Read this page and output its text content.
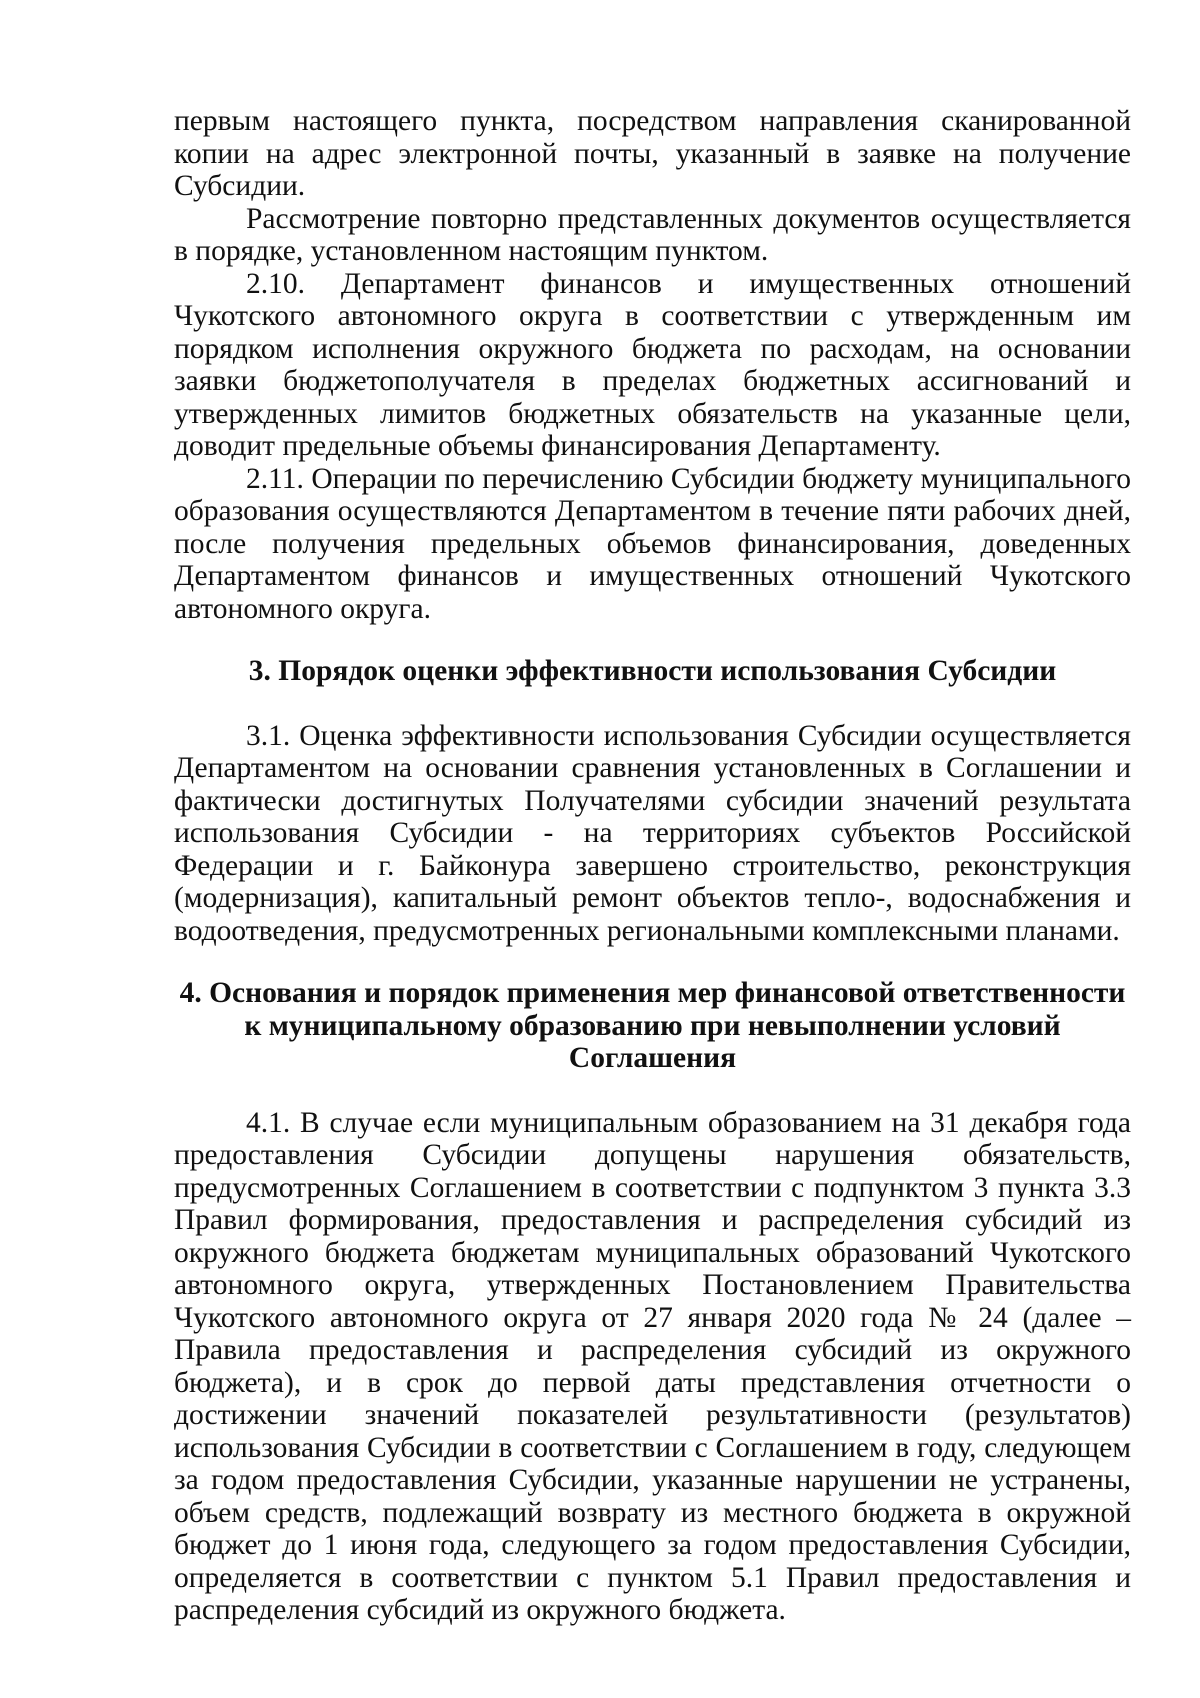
первым настоящего пункта, посредством направления сканированной копии на адрес электронной почты, указанный в заявке на получение Субсидии.

Рассмотрение повторно представленных документов осуществляется в порядке, установленном настоящим пунктом.

2.10. Департамент финансов и имущественных отношений Чукотского автономного округа в соответствии с утвержденным им порядком исполнения окружного бюджета по расходам, на основании заявки бюджетополучателя в пределах бюджетных ассигнований и утвержденных лимитов бюджетных обязательств на указанные цели, доводит предельные объемы финансирования Департаменту.

2.11. Операции по перечислению Субсидии бюджету муниципального образования осуществляются Департаментом в течение пяти рабочих дней, после получения предельных объемов финансирования, доведенных Департаментом финансов и имущественных отношений Чукотского автономного округа.

3. Порядок оценки эффективности использования Субсидии

3.1. Оценка эффективности использования Субсидии осуществляется Департаментом на основании сравнения установленных в Соглашении и фактически достигнутых Получателями субсидии значений результата использования Субсидии - на территориях субъектов Российской Федерации и г. Байконура завершено строительство, реконструкция (модернизация), капитальный ремонт объектов тепло-, водоснабжения и водоотведения, предусмотренных региональными комплексными планами.

4. Основания и порядок применения мер финансовой ответственности
к муниципальному образованию при невыполнении условий
Соглашения

4.1. В случае если муниципальным образованием на 31 декабря года предоставления Субсидии допущены нарушения обязательств, предусмотренных Соглашением в соответствии с подпунктом 3 пункта 3.3 Правил формирования, предоставления и распределения субсидий из окружного бюджета бюджетам муниципальных образований Чукотского автономного округа, утвержденных Постановлением Правительства Чукотского автономного округа от 27 января 2020 года № 24 (далее – Правила предоставления и распределения субсидий из окружного бюджета), и в срок до первой даты представления отчетности о достижении значений показателей результативности (результатов) использования Субсидии в соответствии с Соглашением в году, следующем за годом предоставления Субсидии, указанные нарушении не устранены, объем средств, подлежащий возврату из местного бюджета в окружной бюджет до 1 июня года, следующего за годом предоставления Субсидии, определяется в соответствии с пунктом 5.1 Правил предоставления и распределения субсидий из окружного бюджета.
